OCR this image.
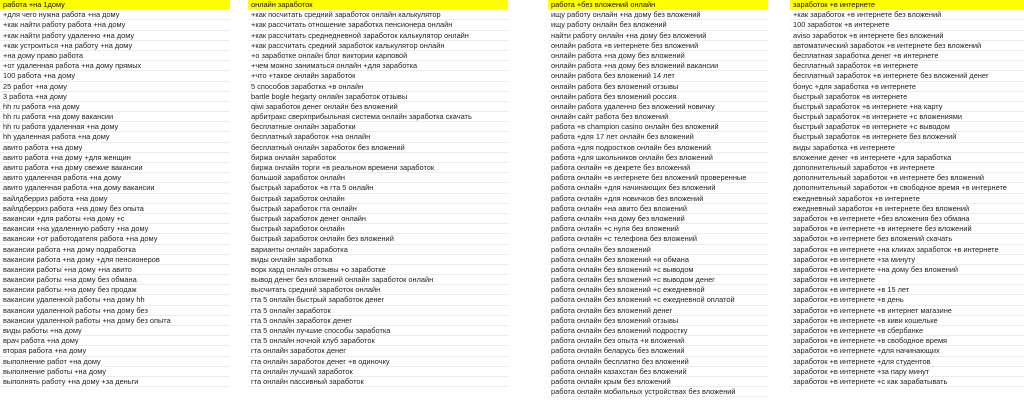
работа +на 1дому
+для чего нужна работа +на дому
+как найти работу работа +на дому
+как найти работу удаленно +на дому
+как устроиться +на работу +на дому
+на дому право работа
+от удаленная работа +на дому прямых
100 работа +на дому
25 работ +на дому
3 работа +на дому
hh ru работа +на дому
hh ru работа +на дому вакансии
hh ru работа удаленная +на дому
hh удаленная работа +на дому
авито работа +на дому
авито работа +на дому +для женщин
авито работа +на дому свежие вакансии
авито удаленная работа +на дому
авито удаленная работа +на дому вакансии
вайлдберриз работа +на дому
вайлдберриз работа +на дому без опыта
вакансии +для работы +на дому +с
вакансии +на удаленную работу +на дому
вакансии +от работодателя работа +на дому
вакансии работа +на дому подработка
вакансии работа +на дому +для пенсионеров
вакансии работы +на дому +на авито
вакансии работы +на дому без обмана
вакансии работы +на дому без продаж
вакансии удаленной работы +на дому hh
вакансии удаленной работы +на дому без
вакансии удаленной работы +на дому без опыта
виды работы +на дому
врач работа +на дому
вторая работа +на дому
выполнение работ +на дому
выполнение работы +на дому
выполнять работу +на дому +за деньги
онлайн заработок
+как посчитать средний заработок онлайн калькулятор
+как рассчитать отношение заработка пенсионера онлайн
+как рассчитать среднедневной заработок калькулятор онлайн
+как рассчитать средний заработок калькулятор онлайн
+о заработке онлайн блог виктории карповой
+чем можно заниматься онлайн +для заработка
+что +такое онлайн заработок
5 способов заработка +в онлайн
bartle bogle hegarty онлайн заработок отзывы
qiwi заработок денег онлайн без вложений
арбитракс сверхприбыльная система онлайн заработка скачать
бесплатные онлайн заработки
бесплатный заработок +на онлайн
бесплатный онлайн заработок без вложений
биржа онлайн заработок
биржа онлайн торги +в реальном времени заработок
большой заработок онлайн
быстрый заработок +в гта 5 онлайн
быстрый заработок онлайн
быстрый заработок гта онлайн
быстрый заработок денег онлайн
быстрый заработок онлайн
быстрый заработок онлайн без вложений
варианты онлайн заработка
виды онлайн заработка
ворк хард онлайн отзывы +о заработке
вывод денег без вложений онлайн заработок онлайн
высчитать средний заработок онлайн
гта 5 онлайн быстрый заработок денег
гта 5 онлайн заработок
гта 5 онлайн заработок денег
гта 5 онлайн лучшие способы заработка
гта 5 онлайн ночной клуб заработок
гта онлайн заработок денег
гта онлайн заработок денег +в одиночку
гта онлайн лучший заработок
гта онлайн пассивный заработок
работа +без вложений онлайн
ищу работу онлайн +на дому без вложений
ищу работу онлайн без вложений
найти работу онлайн +на дому без вложений
онлайн работа +в интернете без вложений
онлайн работа +на дому без вложений
онлайн работа +на дому без вложений вакансии
онлайн работа без вложений 14 лет
онлайн работа без вложений отзывы
онлайн работа без вложений россия
онлайн работа удаленно без вложений новичку
онлайн сайт работа без вложений
работа +в champion casino онлайн без вложений
работа +для 17 лет онлайн без вложений
работа +для подростков онлайн без вложений
работа +для школьников онлайн без вложений
работа онлайн +в декрете без вложений
работа онлайн +в интернете без вложений проверенные
работа онлайн +для начинающих без вложений
работа онлайн +для новичков без вложений
работа онлайн +на авито без вложений
работа онлайн +на дому без вложений
работа онлайн +с нуля без вложений
работа онлайн +с телефона без вложений
работа онлайн без вложений
работа онлайн без вложений +и обмана
работа онлайн без вложений +с выводом
работа онлайн без вложений +с выводом денег
работа онлайн без вложений +с ежедневной
работа онлайн без вложений +с ежедневной оплатой
работа онлайн без вложений денег
работа онлайн без вложений отзывы
работа онлайн без вложений подростку
работа онлайн без опыта +и вложений
работа онлайн беларусь без вложений
работа онлайн бесплатно без вложений
работа онлайн казахстан без вложений
работа онлайн крым без вложений
работа онлайн мобильных устройствах без вложений
заработок +в интернете
+как заработок +в интернете без вложений
100 заработок +в интернете
aviso заработок +в интернете без вложений
автоматический заработок +в интернете без вложений
бесплатная заработка денег +в интернете
бесплатный заработок +в интернете
бесплатный заработок +в интернете без вложений денег
бонус +для заработка +в интернете
быстрый заработок +в интернете
быстрый заработок +в интернете +на карту
быстрый заработок +в интернете +с вложениями
быстрый заработок +в интернете +с выводом
быстрый заработок +в интернете без вложений
виды заработка +в интернете
вложение денег +в интернете +для заработка
дополнительный заработок +в интернете
дополнительный заработок +в интернете без вложений
дополнительный заработок +в свободное время +в интернете
ежедневный заработок +в интернете
ежедневный заработок +в интернете без вложений
заработок +в интернете +без вложения без обмана
заработок +в интернете +в интернете без вложений
заработок +в интернете без вложений скачать
заработок +в интернете +на кликах заработок +в интернете
заработок +в интернете +за минуту
заработок +в интернете +на дому без вложений
заработок +в интернете
заработок +в интернете +в 15 лет
заработок +в интернете +в день
заработок +в интернете +в интернет магазине
заработок +в интернете +в киви кошельке
заработок +в интернете +в сбербанке
заработок +в интернете +в свободное время
заработок +в интернете +для начинающих
заработок +в интернете +для студентов
заработок +в интернете +за пару минут
заработок +в интернете +с как зарабатывать
